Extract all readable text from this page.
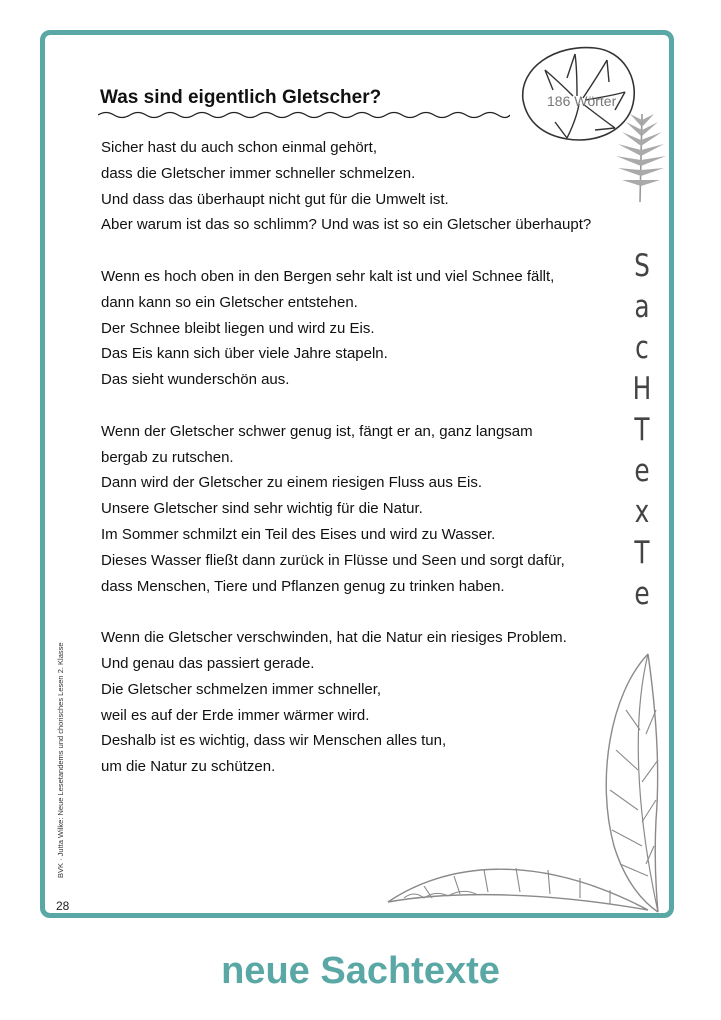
Was sind eigentlich Gletscher?	186 Wörter

Sicher hast du auch schon einmal gehört,
dass die Gletscher immer schneller schmelzen.
Und dass das überhaupt nicht gut für die Umwelt ist.
Aber warum ist das so schlimm? Und was ist so ein Gletscher überhaupt?

Wenn es hoch oben in den Bergen sehr kalt ist und viel Schnee fällt,
dann kann so ein Gletscher entstehen.
Der Schnee bleibt liegen und wird zu Eis.
Das Eis kann sich über viele Jahre stapeln.
Das sieht wunderschön aus.

Wenn der Gletscher schwer genug ist, fängt er an, ganz langsam
bergab zu rutschen.
Dann wird der Gletscher zu einem riesigen Fluss aus Eis.
Unsere Gletscher sind sehr wichtig für die Natur.
Im Sommer schmilzt ein Teil des Eises und wird zu Wasser.
Dieses Wasser fließt dann zurück in Flüsse und Seen und sorgt dafür,
dass Menschen, Tiere und Pflanzen genug zu trinken haben.

Wenn die Gletscher verschwinden, hat die Natur ein riesiges Problem.
Und genau das passiert gerade.
Die Gletscher schmelzen immer schneller,
weil es auf der Erde immer wärmer wird.
Deshalb ist es wichtig, dass wir Menschen alles tun,
um die Natur zu schützen.

S
a
c
H
T
e
x
T
e
BVK · Jutta Wilke: Neue Lesetandems und chorisches Lesen 2. Klasse
28
neue Sachtexte
